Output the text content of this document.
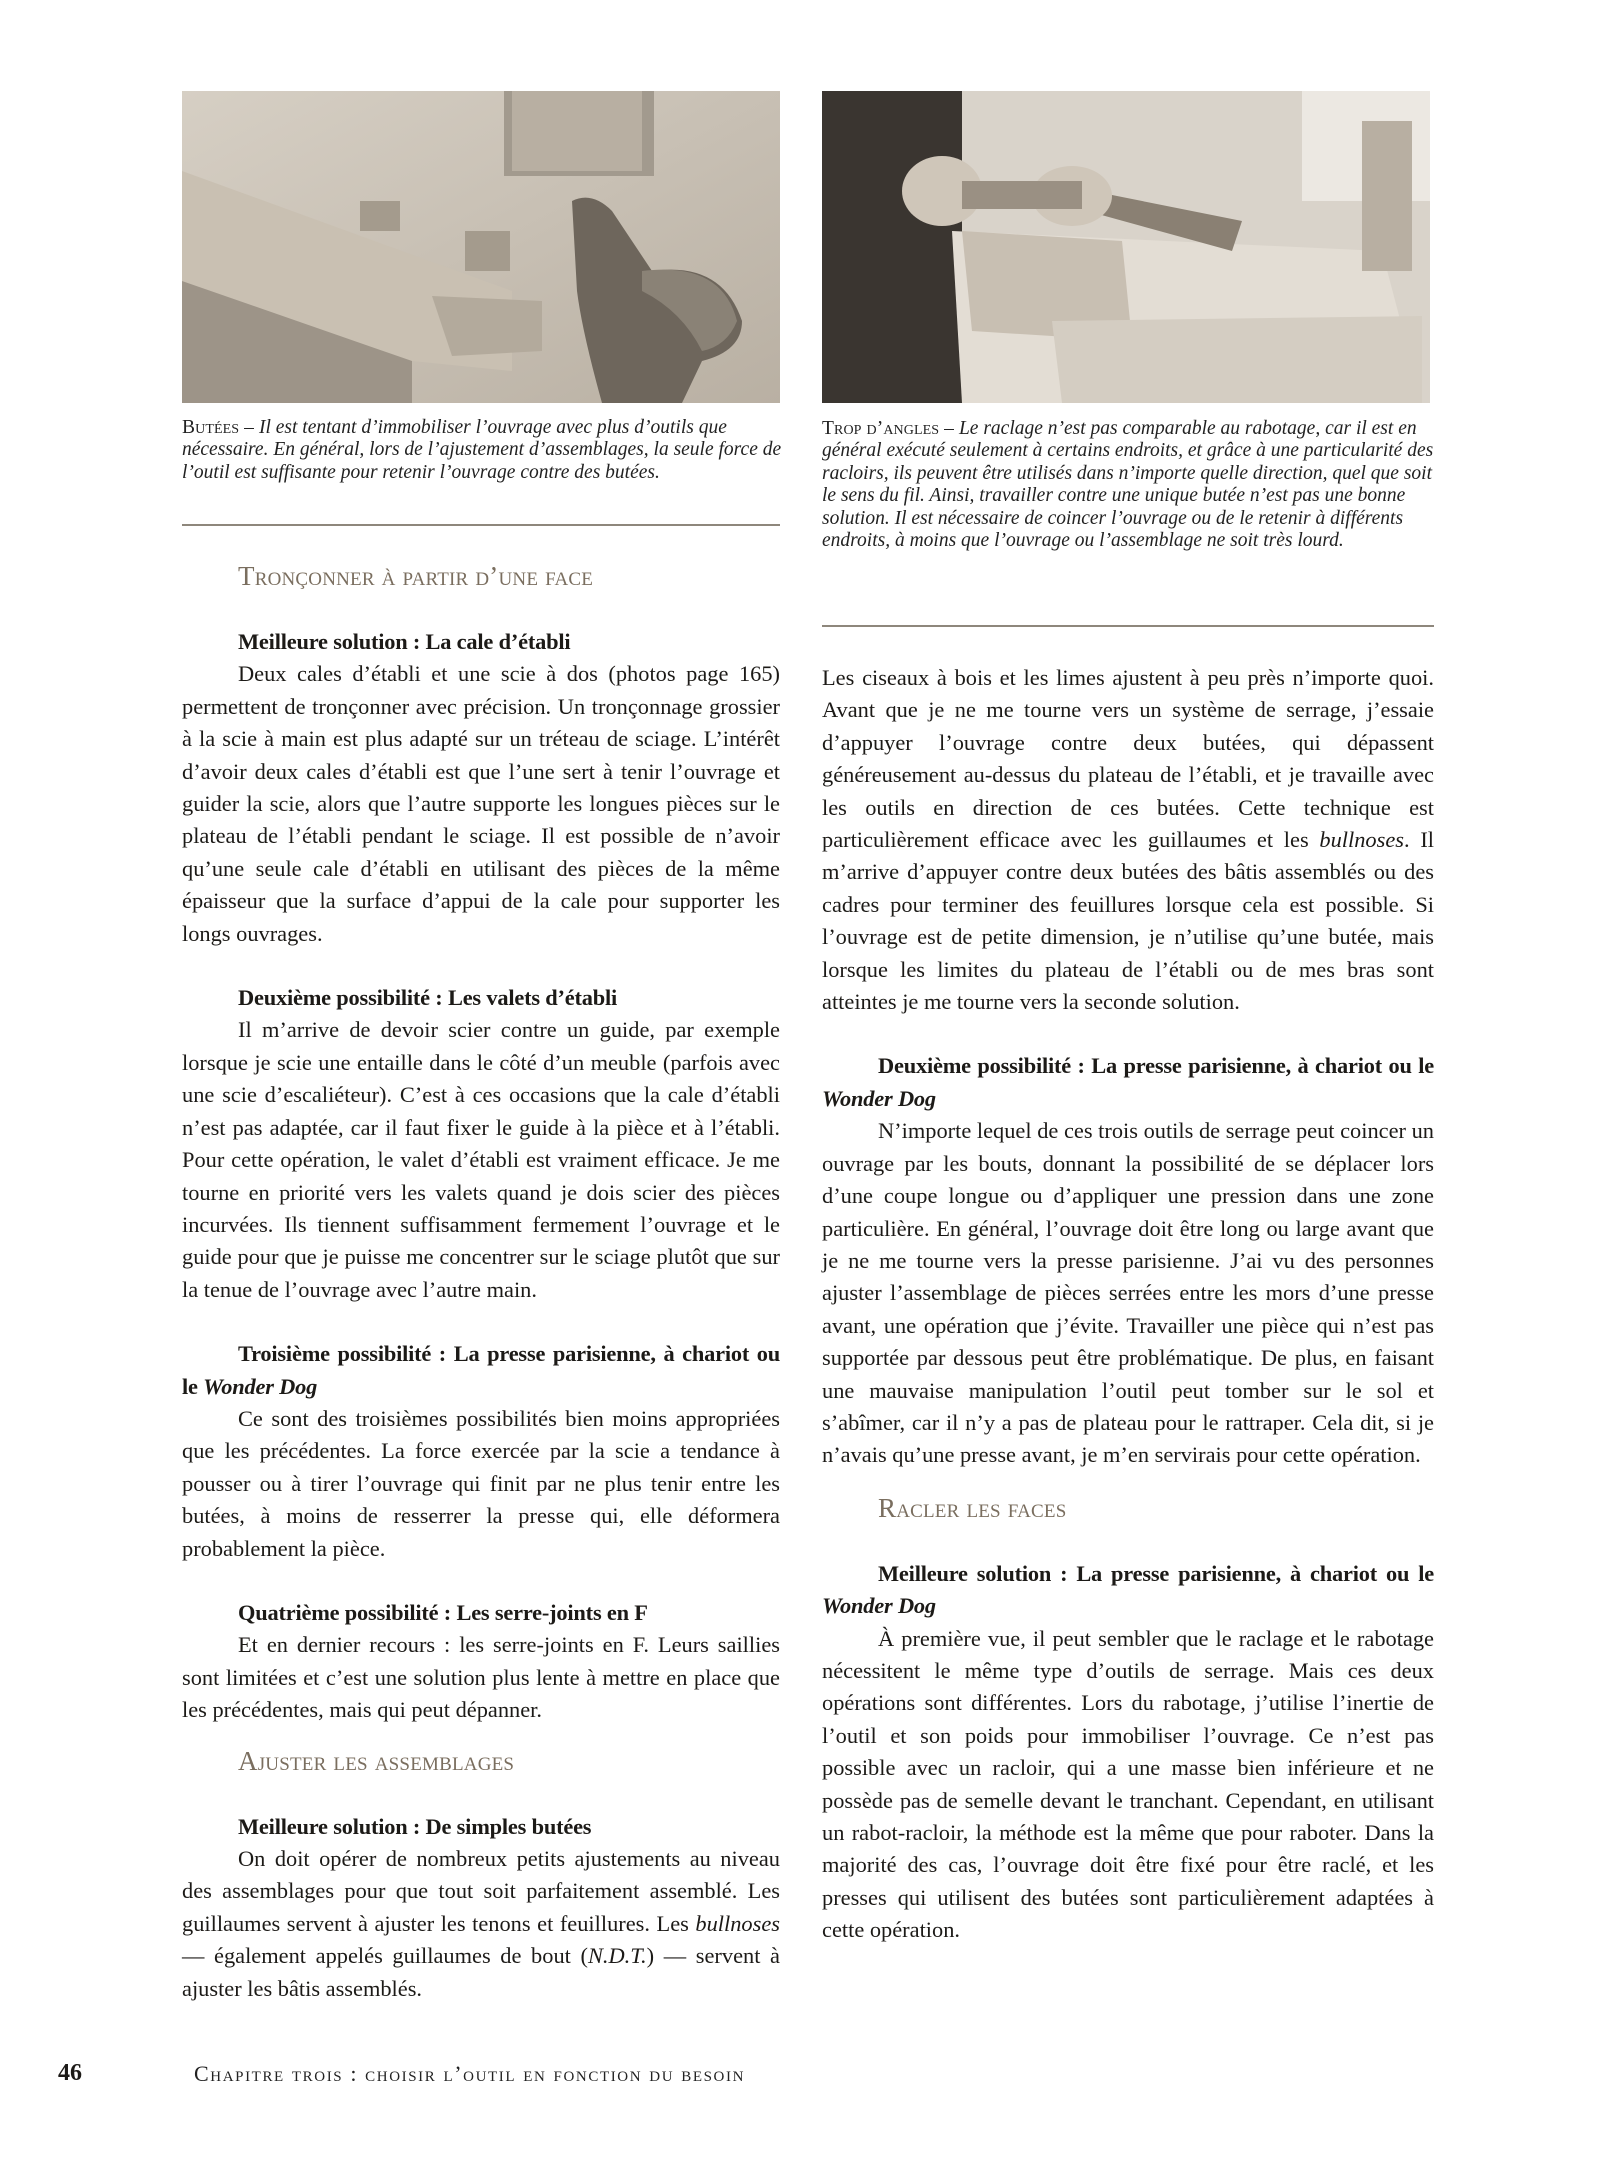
Butées – Il est tentant d’immobiliser l’ouvrage avec plus d’outils que nécessaire. En général, lors de l’ajustement d’assemblages, la seule force de l’outil est suffisante pour retenir l’ouvrage contre des butées.
Trop d’angles – Le raclage n’est pas comparable au rabotage, car il est en général exécuté seulement à certains endroits, et grâce à une particularité des racloirs, ils peuvent être utilisés dans n’importe quelle direction, quel que soit le sens du fil. Ainsi, travailler contre une unique butée n’est pas une bonne solution. Il est nécessaire de coincer l’ouvrage ou de le retenir à différents endroits, à moins que l’ouvrage ou l’assemblage ne soit très lourd.
Tronçonner à partir d’une face

Meilleure solution : La cale d’établi

Deux cales d’établi et une scie à dos (photos page 165) permettent de tronçonner avec précision. Un tronçonnage grossier à la scie à main est plus adapté sur un tréteau de sciage. L’intérêt d’avoir deux cales d’établi est que l’une sert à tenir l’ouvrage et guider la scie, alors que l’autre supporte les longues pièces sur le plateau de l’établi pendant le sciage. Il est possible de n’avoir qu’une seule cale d’établi en utilisant des pièces de la même épaisseur que la surface d’appui de la cale pour supporter les longs ouvrages.

Deuxième possibilité : Les valets d’établi

Il m’arrive de devoir scier contre un guide, par exemple lorsque je scie une entaille dans le côté d’un meuble (parfois avec une scie d’escaliéteur). C’est à ces occasions que la cale d’établi n’est pas adaptée, car il faut fixer le guide à la pièce et à l’établi. Pour cette opération, le valet d’établi est vraiment efficace. Je me tourne en priorité vers les valets quand je dois scier des pièces incurvées. Ils tiennent suffisamment fermement l’ouvrage et le guide pour que je puisse me concentrer sur le sciage plutôt que sur la tenue de l’ouvrage avec l’autre main.

Troisième possibilité : La presse parisienne, à chariot ou le Wonder Dog

Ce sont des troisièmes possibilités bien moins appropriées que les précédentes. La force exercée par la scie a tendance à pousser ou à tirer l’ouvrage qui finit par ne plus tenir entre les butées, à moins de resserrer la presse qui, elle déformera probablement la pièce.

Quatrième possibilité : Les serre-joints en F

Et en dernier recours : les serre-joints en F. Leurs saillies sont limitées et c’est une solution plus lente à mettre en place que les précédentes, mais qui peut dépanner.

Ajuster les assemblages

Meilleure solution : De simples butées

On doit opérer de nombreux petits ajustements au niveau des assemblages pour que tout soit parfaitement assemblé. Les guillaumes servent à ajuster les tenons et feuillures. Les bullnoses — également appelés guillaumes de bout (N.D.T.) — servent à ajuster les bâtis assemblés.

Les ciseaux à bois et les limes ajustent à peu près n’importe quoi. Avant que je ne me tourne vers un système de serrage, j’essaie d’appuyer l’ouvrage contre deux butées, qui dépassent généreusement au-dessus du plateau de l’établi, et je travaille avec les outils en direction de ces butées. Cette technique est particulièrement efficace avec les guillaumes et les bullnoses. Il m’arrive d’appuyer contre deux butées des bâtis assemblés ou des cadres pour terminer des feuillures lorsque cela est possible. Si l’ouvrage est de petite dimension, je n’utilise qu’une butée, mais lorsque les limites du plateau de l’établi ou de mes bras sont atteintes je me tourne vers la seconde solution.

Deuxième possibilité : La presse parisienne, à chariot ou le Wonder Dog

N’importe lequel de ces trois outils de serrage peut coincer un ouvrage par les bouts, donnant la possibilité de se déplacer lors d’une coupe longue ou d’appliquer une pression dans une zone particulière. En général, l’ouvrage doit être long ou large avant que je ne me tourne vers la presse parisienne. J’ai vu des personnes ajuster l’assemblage de pièces serrées entre les mors d’une presse avant, une opération que j’évite. Travailler une pièce qui n’est pas supportée par dessous peut être problématique. De plus, en faisant une mauvaise manipulation l’outil peut tomber sur le sol et s’abîmer, car il n’y a pas de plateau pour le rattraper. Cela dit, si je n’avais qu’une presse avant, je m’en servirais pour cette opération.

Racler les faces

Meilleure solution : La presse parisienne, à chariot ou le Wonder Dog

À première vue, il peut sembler que le raclage et le rabotage nécessitent le même type d’outils de serrage. Mais ces deux opérations sont différentes. Lors du rabotage, j’utilise l’inertie de l’outil et son poids pour immobiliser l’ouvrage. Ce n’est pas possible avec un racloir, qui a une masse bien inférieure et ne possède pas de semelle devant le tranchant. Cependant, en utilisant un rabot-racloir, la méthode est la même que pour raboter. Dans la majorité des cas, l’ouvrage doit être fixé pour être raclé, et les presses qui utilisent des butées sont particulièrement adaptées à cette opération.

46	Chapitre trois : choisir l’outil en fonction du besoin
